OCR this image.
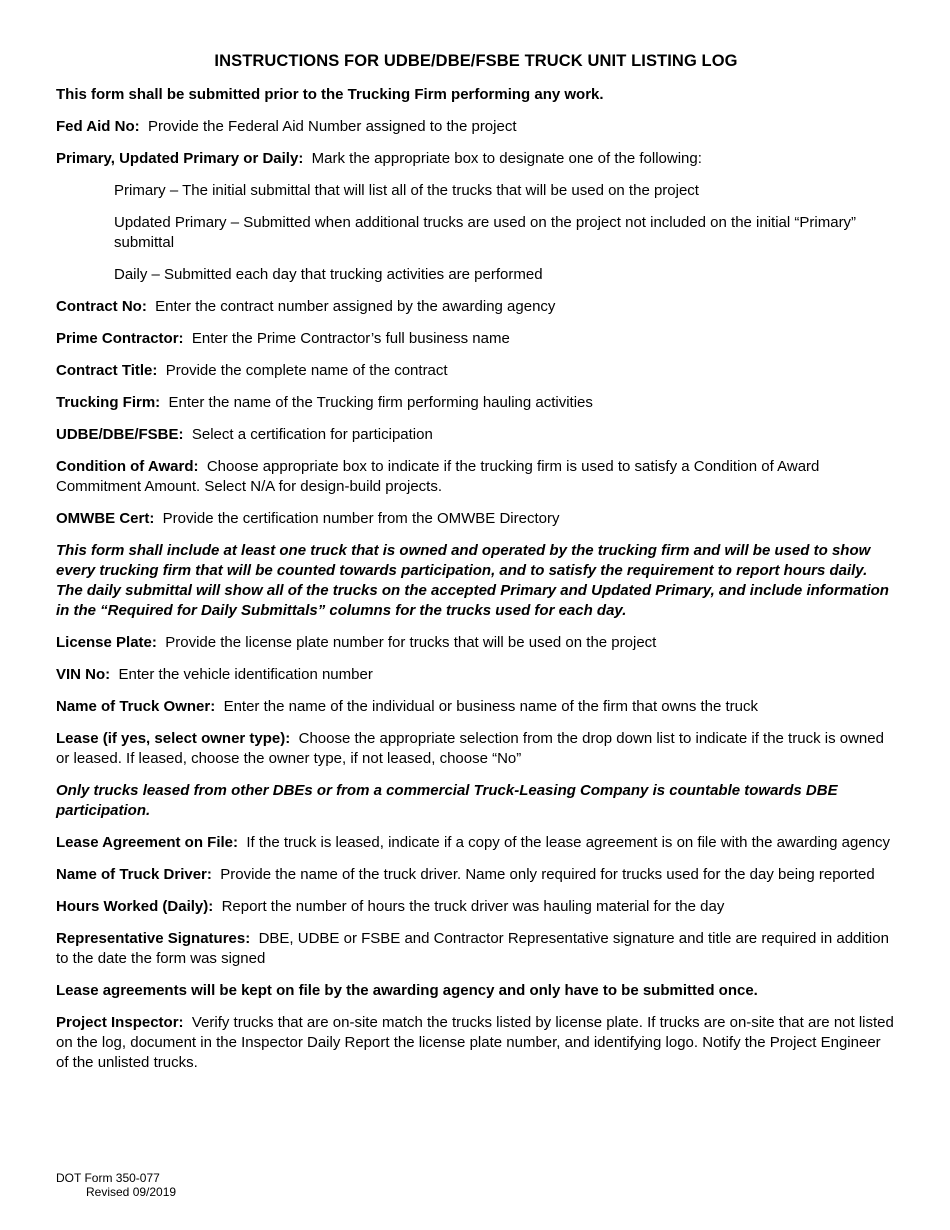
INSTRUCTIONS FOR UDBE/DBE/FSBE TRUCK UNIT LISTING LOG

This form shall be submitted prior to the Trucking Firm performing any work.

Fed Aid No: Provide the Federal Aid Number assigned to the project

Primary, Updated Primary or Daily: Mark the appropriate box to designate one of the following:

Primary – The initial submittal that will list all of the trucks that will be used on the project

Updated Primary – Submitted when additional trucks are used on the project not included on the initial “Primary” submittal

Daily – Submitted each day that trucking activities are performed

Contract No: Enter the contract number assigned by the awarding agency

Prime Contractor: Enter the Prime Contractor’s full business name

Contract Title: Provide the complete name of the contract

Trucking Firm: Enter the name of the Trucking firm performing hauling activities

UDBE/DBE/FSBE: Select a certification for participation

Condition of Award: Choose appropriate box to indicate if the trucking firm is used to satisfy a Condition of Award Commitment Amount. Select N/A for design-build projects.

OMWBE Cert: Provide the certification number from the OMWBE Directory

This form shall include at least one truck that is owned and operated by the trucking firm and will be used to show every trucking firm that will be counted towards participation, and to satisfy the requirement to report hours daily. The daily submittal will show all of the trucks on the accepted Primary and Updated Primary, and include information in the “Required for Daily Submittals” columns for the trucks used for each day.

License Plate: Provide the license plate number for trucks that will be used on the project

VIN No: Enter the vehicle identification number

Name of Truck Owner: Enter the name of the individual or business name of the firm that owns the truck

Lease (if yes, select owner type): Choose the appropriate selection from the drop down list to indicate if the truck is owned or leased. If leased, choose the owner type, if not leased, choose “No”

Only trucks leased from other DBEs or from a commercial Truck-Leasing Company is countable towards DBE participation.

Lease Agreement on File: If the truck is leased, indicate if a copy of the lease agreement is on file with the awarding agency

Name of Truck Driver: Provide the name of the truck driver. Name only required for trucks used for the day being reported

Hours Worked (Daily): Report the number of hours the truck driver was hauling material for the day

Representative Signatures: DBE, UDBE or FSBE and Contractor Representative signature and title are required in addition to the date the form was signed

Lease agreements will be kept on file by the awarding agency and only have to be submitted once.

Project Inspector: Verify trucks that are on-site match the trucks listed by license plate. If trucks are on-site that are not listed on the log, document in the Inspector Daily Report the license plate number, and identifying logo. Notify the Project Engineer of the unlisted trucks.

DOT Form 350-077
Revised 09/2019
